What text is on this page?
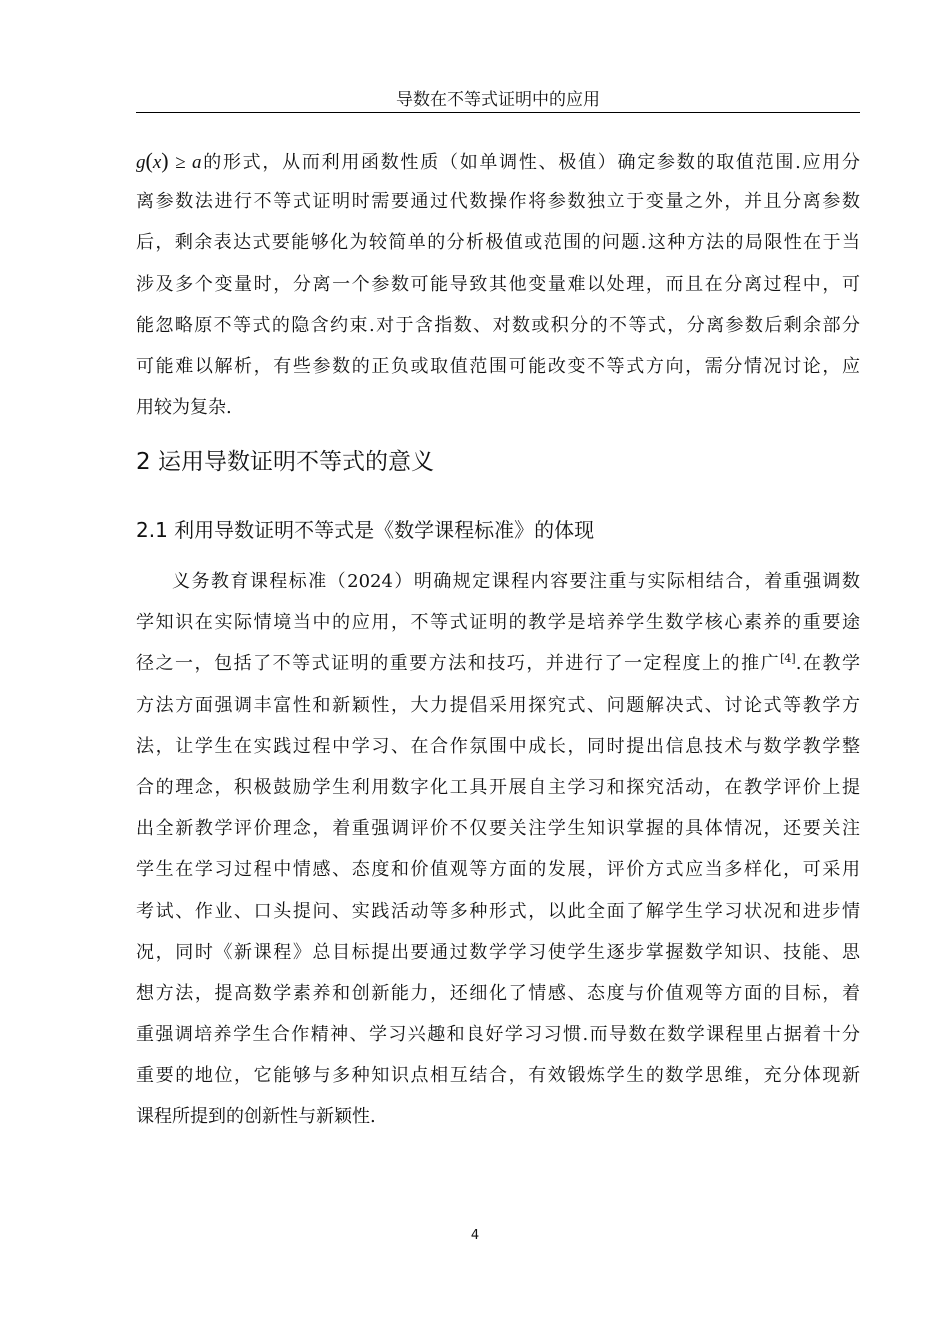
导数在不等式证明中的应用
g(x) ≥ a的形式，从而利用函数性质（如单调性、极值）确定参数的取值范围.应用分
离参数法进行不等式证明时需要通过代数操作将参数独立于变量之外，并且分离参数
后，剩余表达式要能够化为较简单的分析极值或范围的问题.这种方法的局限性在于当
涉及多个变量时，分离一个参数可能导致其他变量难以处理，而且在分离过程中，可
能忽略原不等式的隐含约束.对于含指数、对数或积分的不等式，分离参数后剩余部分
可能难以解析，有些参数的正负或取值范围可能改变不等式方向，需分情况讨论，应
用较为复杂.
2 运用导数证明不等式的意义
2.1 利用导数证明不等式是《数学课程标准》的体现
义务教育课程标准（2024）明确规定课程内容要注重与实际相结合，着重强调数
学知识在实际情境当中的应用，不等式证明的教学是培养学生数学核心素养的重要途
径之一，包括了不等式证明的重要方法和技巧，并进行了一定程度上的推广[4].在教学
方法方面强调丰富性和新颖性，大力提倡采用探究式、问题解决式、讨论式等教学方
法，让学生在实践过程中学习、在合作氛围中成长，同时提出信息技术与数学教学整
合的理念，积极鼓励学生利用数字化工具开展自主学习和探究活动，在教学评价上提
出全新教学评价理念，着重强调评价不仅要关注学生知识掌握的具体情况，还要关注
学生在学习过程中情感、态度和价值观等方面的发展，评价方式应当多样化，可采用
考试、作业、口头提问、实践活动等多种形式，以此全面了解学生学习状况和进步情
况，同时《新课程》总目标提出要通过数学学习使学生逐步掌握数学知识、技能、思
想方法，提高数学素养和创新能力，还细化了情感、态度与价值观等方面的目标，着
重强调培养学生合作精神、学习兴趣和良好学习习惯.而导数在数学课程里占据着十分
重要的地位，它能够与多种知识点相互结合，有效锻炼学生的数学思维，充分体现新
课程所提到的创新性与新颖性.
4
